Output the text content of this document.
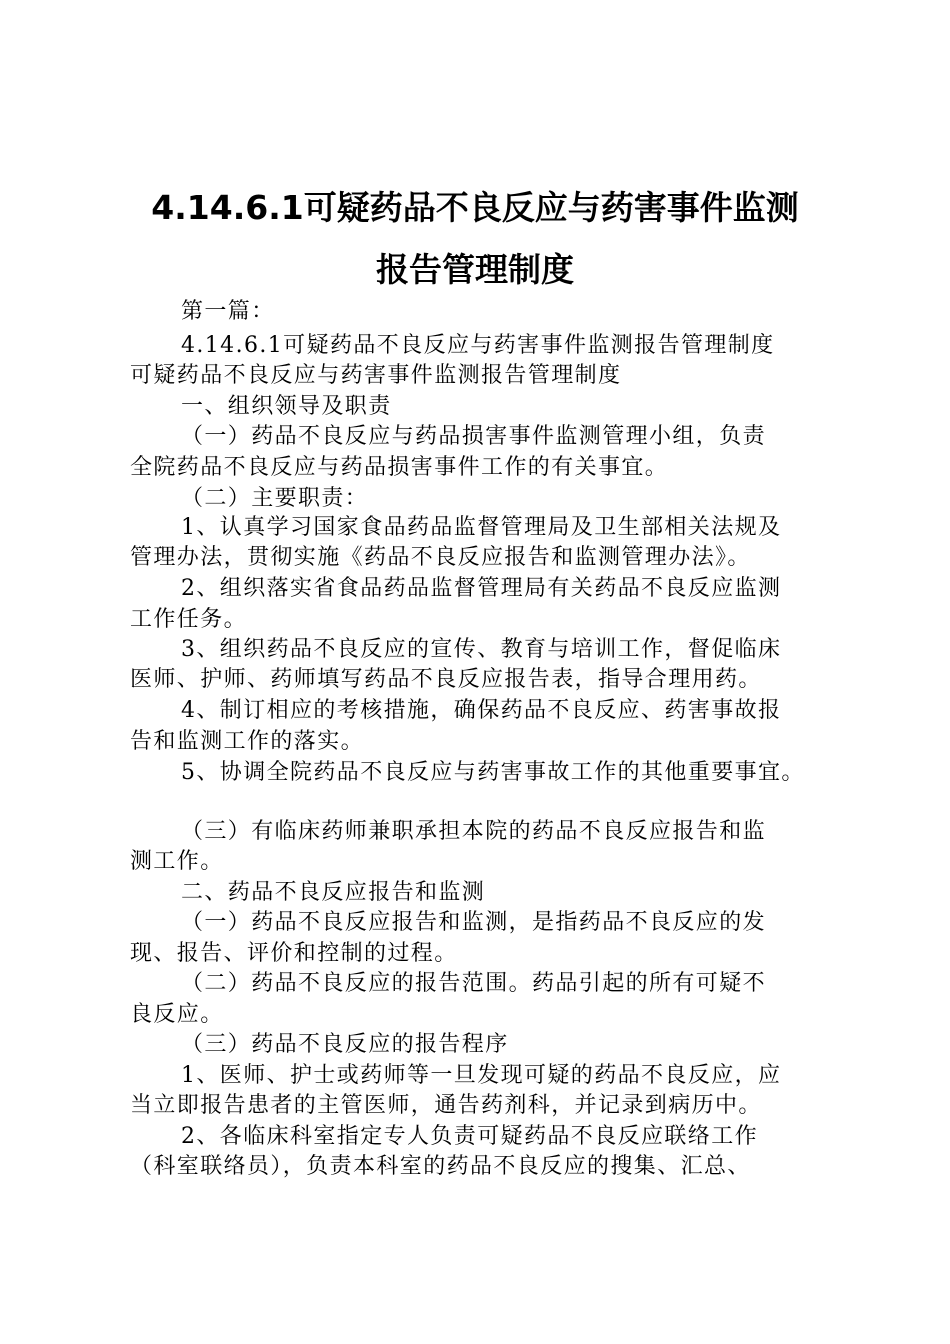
4.14.6.1可疑药品不良反应与药害事件监测
报告管理制度
第一篇：
4.14.6.1可疑药品不良反应与药害事件监测报告管理制度
可疑药品不良反应与药害事件监测报告管理制度
一、组织领导及职责
（一）药品不良反应与药品损害事件监测管理小组，负责
全院药品不良反应与药品损害事件工作的有关事宜。
（二）主要职责：
1、认真学习国家食品药品监督管理局及卫生部相关法规及
管理办法，贯彻实施《药品不良反应报告和监测管理办法》。
2、组织落实省食品药品监督管理局有关药品不良反应监测
工作任务。
3、组织药品不良反应的宣传、教育与培训工作，督促临床
医师、护师、药师填写药品不良反应报告表，指导合理用药。
4、制订相应的考核措施，确保药品不良反应、药害事故报
告和监测工作的落实。
5、协调全院药品不良反应与药害事故工作的其他重要事宜。
（三）有临床药师兼职承担本院的药品不良反应报告和监
测工作。
二、药品不良反应报告和监测
（一）药品不良反应报告和监测，是指药品不良反应的发
现、报告、评价和控制的过程。
（二）药品不良反应的报告范围。药品引起的所有可疑不
良反应。
（三）药品不良反应的报告程序
1、医师、护士或药师等一旦发现可疑的药品不良反应，应
当立即报告患者的主管医师，通告药剂科，并记录到病历中。
2、各临床科室指定专人负责可疑药品不良反应联络工作
（科室联络员），负责本科室的药品不良反应的搜集、汇总、
